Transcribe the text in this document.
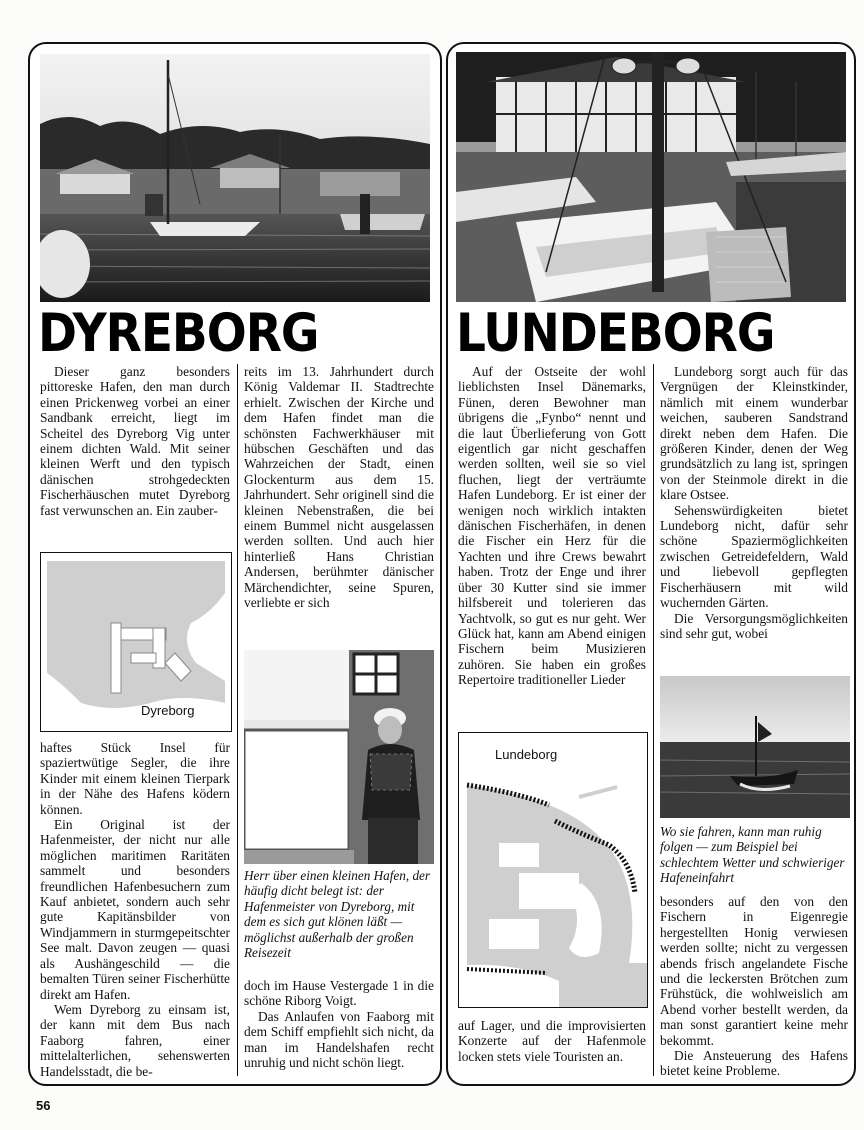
DYREBORG

Dieser ganz besonders pittoreske Hafen, den man durch einen Prickenweg vorbei an einer Sandbank erreicht, liegt im Scheitel des Dyreborg Vig unter einem dichten Wald. Mit seiner kleinen Werft und den typisch dänischen strohgedeckten Fischerhäuschen mutet Dyreborg fast verwunschen an. Ein zauber-

Dyreborg

haftes Stück Insel für spaziertwütige Segler, die ihre Kinder mit einem kleinen Tierpark in der Nähe des Hafens ködern können.

Ein Original ist der Hafenmeister, der nicht nur alle möglichen maritimen Raritäten sammelt und besonders freundlichen Hafenbesuchern zum Kauf anbietet, sondern auch sehr gute Kapitänsbilder von Windjammern in sturmgepeitschter See malt. Davon zeugen — quasi als Aushängeschild — die bemalten Türen seiner Fischerhütte direkt am Hafen.

Wem Dyreborg zu einsam ist, der kann mit dem Bus nach Faaborg fahren, einer mittelalterlichen, sehenswerten Handelsstadt, die be-

reits im 13. Jahrhundert durch König Valdemar II. Stadtrechte erhielt. Zwischen der Kirche und dem Hafen findet man die schönsten Fachwerkhäuser mit hübschen Geschäften und das Wahrzeichen der Stadt, einen Glockenturm aus dem 15. Jahrhundert. Sehr originell sind die kleinen Nebenstraßen, die bei einem Bummel nicht ausgelassen werden sollten. Und auch hier hinterließ Hans Christian Andersen, berühmter dänischer Märchendichter, seine Spuren, verliebte er sich

Herr über einen kleinen Hafen, der häufig dicht belegt ist: der Hafenmeister von Dyreborg, mit dem es sich gut klönen läßt — möglichst außerhalb der großen Reisezeit

doch im Hause Vestergade 1 in die schöne Riborg Voigt.

Das Anlaufen von Faaborg mit dem Schiff empfiehlt sich nicht, da man im Handelshafen recht unruhig und nicht schön liegt.

LUNDEBORG

Auf der Ostseite der wohl lieblichsten Insel Dänemarks, Fünen, deren Bewohner man übrigens die „Fynbo“ nennt und die laut Überlieferung von Gott eigentlich gar nicht geschaffen werden sollten, weil sie so viel fluchen, liegt der verträumte Hafen Lundeborg. Er ist einer der wenigen noch wirklich intakten dänischen Fischerhäfen, in denen die Fischer ein Herz für die Yachten und ihre Crews bewahrt haben. Trotz der Enge und ihrer über 30 Kutter sind sie immer hilfsbereit und tolerieren das Yachtvolk, so gut es nur geht. Wer Glück hat, kann am Abend einigen Fischern beim Musizieren zuhören. Sie haben ein großes Repertoire traditioneller Lieder

Lundeborg

auf Lager, und die improvisierten Konzerte auf der Hafenmole locken stets viele Touristen an.

Lundeborg sorgt auch für das Vergnügen der Kleinstkinder, nämlich mit einem wunderbar weichen, sauberen Sandstrand direkt neben dem Hafen. Die größeren Kinder, denen der Weg grundsätzlich zu lang ist, springen von der Steinmole direkt in die klare Ostsee.

Sehenswürdigkeiten bietet Lundeborg nicht, dafür sehr schöne Spaziermöglichkeiten zwischen Getreidefeldern, Wald und liebevoll gepflegten Fischerhäusern mit wild wuchernden Gärten.

Die Versorgungsmöglichkeiten sind sehr gut, wobei

Wo sie fahren, kann man ruhig folgen — zum Beispiel bei schlechtem Wetter und schwieriger Hafeneinfahrt

besonders auf den von den Fischern in Eigenregie hergestellten Honig verwiesen werden sollte; nicht zu vergessen abends frisch angelandete Fische und die leckersten Brötchen zum Frühstück, die wohlweislich am Abend vorher bestellt werden, da man sonst garantiert keine mehr bekommt.

Die Ansteuerung des Hafens bietet keine Probleme.

56
